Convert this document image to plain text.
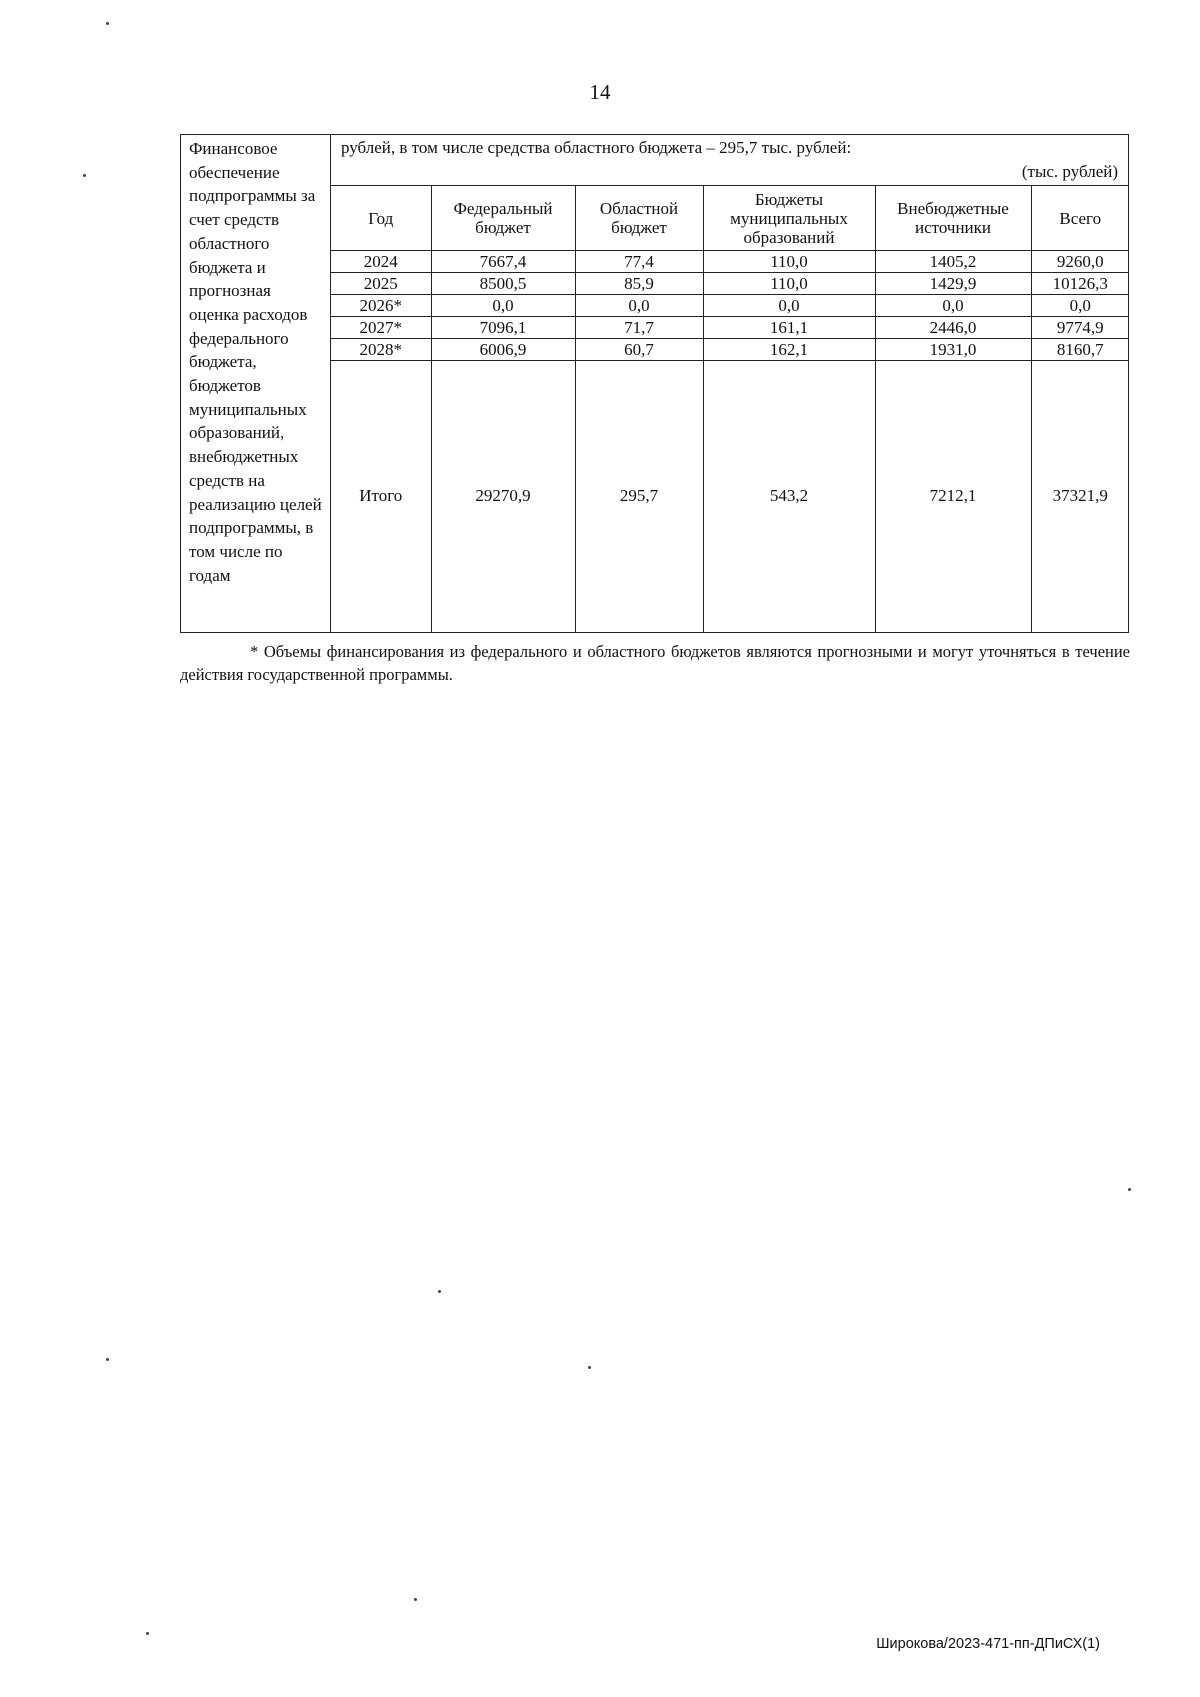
14
Финансовое обеспечение подпрограммы за счет средств областного бюджета и прогнозная оценка расходов федерального бюджета, бюджетов муниципальных образований, внебюджетных средств на реализацию целей подпрограммы, в том числе по годам	
рублей, в том числе средства областного бюджета – 295,7 тыс. рублей:
(тыс. рублей)
Год	Федеральный бюджет	Областной бюджет	Бюджеты муниципальных образований	Внебюджетные источники	Всего
2024	7667,4	77,4	110,0	1405,2	9260,0
2025	8500,5	85,9	110,0	1429,9	10126,3
2026*	0,0	0,0	0,0	0,0	0,0
2027*	7096,1	71,7	161,1	2446,0	9774,9
2028*	6006,9	60,7	162,1	1931,0	8160,7
Итого	29270,9	295,7	543,2	7212,1	37321,9
* Объемы финансирования из федерального и областного бюджетов являются прогнозными и могут уточняться в течение действия государственной программы.
Широкова/2023-471-пп-ДПиСХ(1)
